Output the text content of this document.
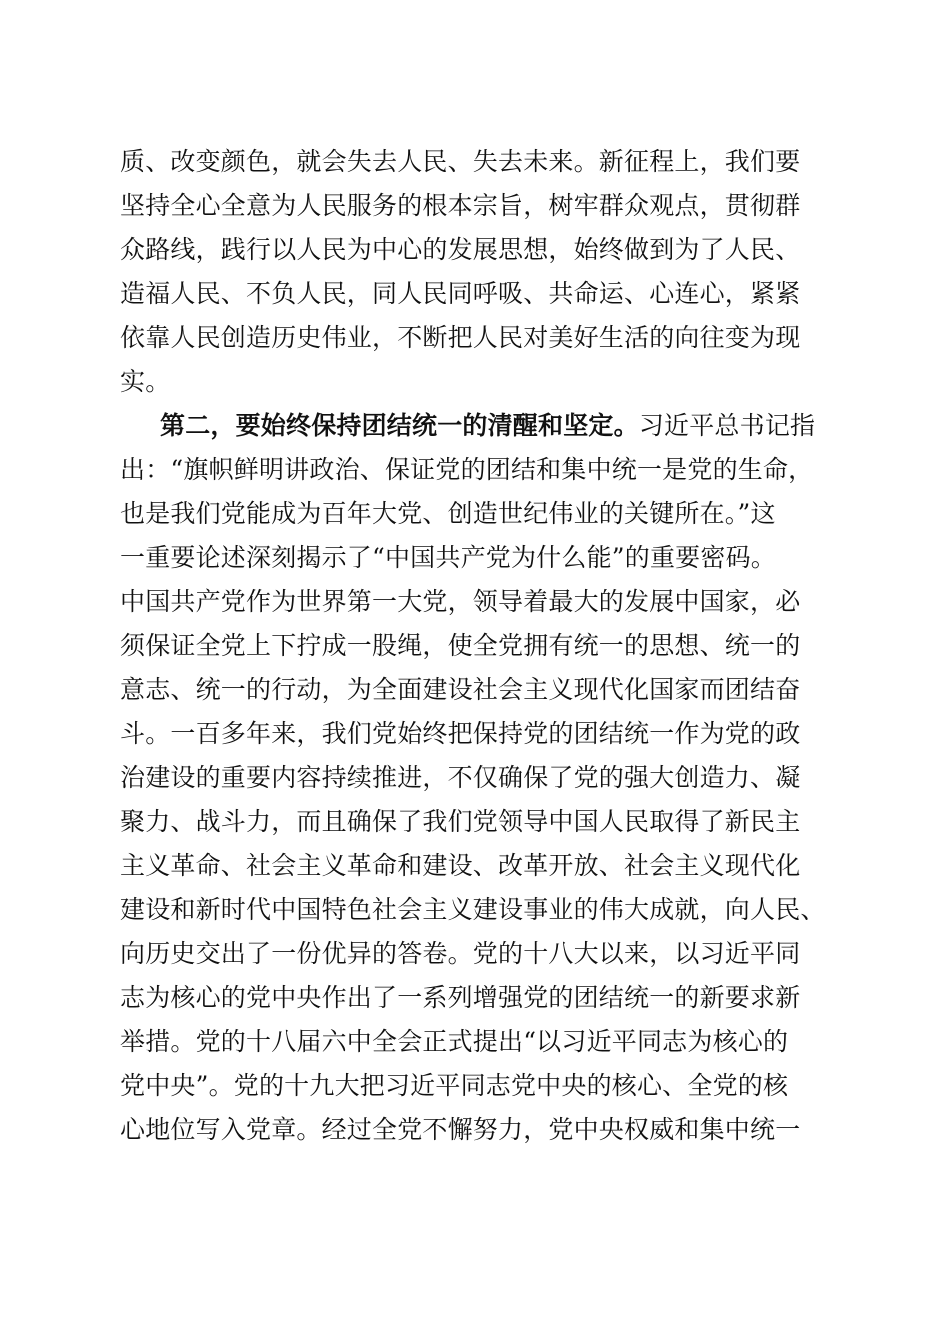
质、改变颜色，就会失去人民、失去未来。新征程上，我们要
坚持全心全意为人民服务的根本宗旨，树牢群众观点，贯彻群
众路线，践行以人民为中心的发展思想，始终做到为了人民、
造福人民、不负人民，同人民同呼吸、共命运、心连心，紧紧
依靠人民创造历史伟业，不断把人民对美好生活的向往变为现
实。
第二，要始终保持团结统一的清醒和坚定。习近平总书记指
出：“旗帜鲜明讲政治、保证党的团结和集中统一是党的生命，
也是我们党能成为百年大党、创造世纪伟业的关键所在。”这
一重要论述深刻揭示了“中国共产党为什么能”的重要密码。
中国共产党作为世界第一大党，领导着最大的发展中国家，必
须保证全党上下拧成一股绳，使全党拥有统一的思想、统一的
意志、统一的行动，为全面建设社会主义现代化国家而团结奋
斗。一百多年来，我们党始终把保持党的团结统一作为党的政
治建设的重要内容持续推进，不仅确保了党的强大创造力、凝
聚力、战斗力，而且确保了我们党领导中国人民取得了新民主
主义革命、社会主义革命和建设、改革开放、社会主义现代化
建设和新时代中国特色社会主义建设事业的伟大成就，向人民、
向历史交出了一份优异的答卷。党的十八大以来，以习近平同
志为核心的党中央作出了一系列增强党的团结统一的新要求新
举措。党的十八届六中全会正式提出“以习近平同志为核心的
党中央”。党的十九大把习近平同志党中央的核心、全党的核
心地位写入党章。经过全党不懈努力，党中央权威和集中统一
